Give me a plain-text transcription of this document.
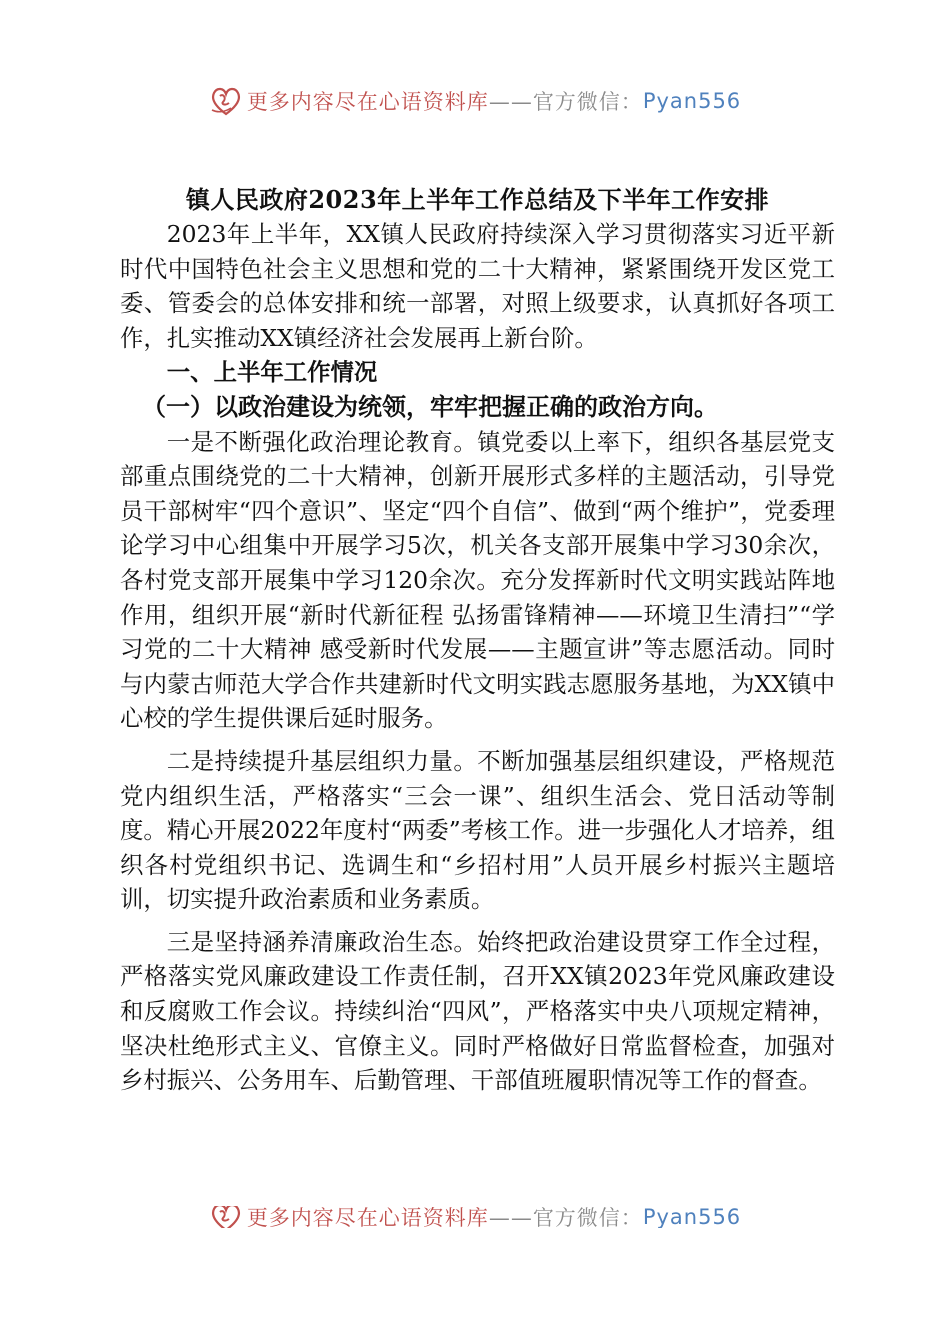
更多内容尽在心语资料库——官方微信：Pyan556

镇人民政府2023年上半年工作总结及下半年工作安排

2023年上半年，XX镇人民政府持续深入学习贯彻落实习近平新时代中国特色社会主义思想和党的二十大精神，紧紧围绕开发区党工委、管委会的总体安排和统一部署，对照上级要求，认真抓好各项工作，扎实推动XX镇经济社会发展再上新台阶。

一、上半年工作情况

（一）以政治建设为统领，牢牢把握正确的政治方向。

一是不断强化政治理论教育。镇党委以上率下，组织各基层党支部重点围绕党的二十大精神，创新开展形式多样的主题活动，引导党员干部树牢“四个意识”、坚定“四个自信”、做到“两个维护”，党委理论学习中心组集中开展学习5次，机关各支部开展集中学习30余次，各村党支部开展集中学习120余次。充分发挥新时代文明实践站阵地作用，组织开展“新时代新征程 弘扬雷锋精神——环境卫生清扫”“学习党的二十大精神 感受新时代发展——主题宣讲”等志愿活动。同时与内蒙古师范大学合作共建新时代文明实践志愿服务基地，为XX镇中心校的学生提供课后延时服务。

二是持续提升基层组织力量。不断加强基层组织建设，严格规范党内组织生活，严格落实“三会一课”、组织生活会、党日活动等制度。精心开展2022年度村“两委”考核工作。进一步强化人才培养，组织各村党组织书记、选调生和“乡招村用”人员开展乡村振兴主题培训，切实提升政治素质和业务素质。

三是坚持涵养清廉政治生态。始终把政治建设贯穿工作全过程，严格落实党风廉政建设工作责任制，召开XX镇2023年党风廉政建设和反腐败工作会议。持续纠治“四风”，严格落实中央八项规定精神，坚决杜绝形式主义、官僚主义。同时严格做好日常监督检查，加强对乡村振兴、公务用车、后勤管理、干部值班履职情况等工作的督查。

更多内容尽在心语资料库——官方微信：Pyan556
